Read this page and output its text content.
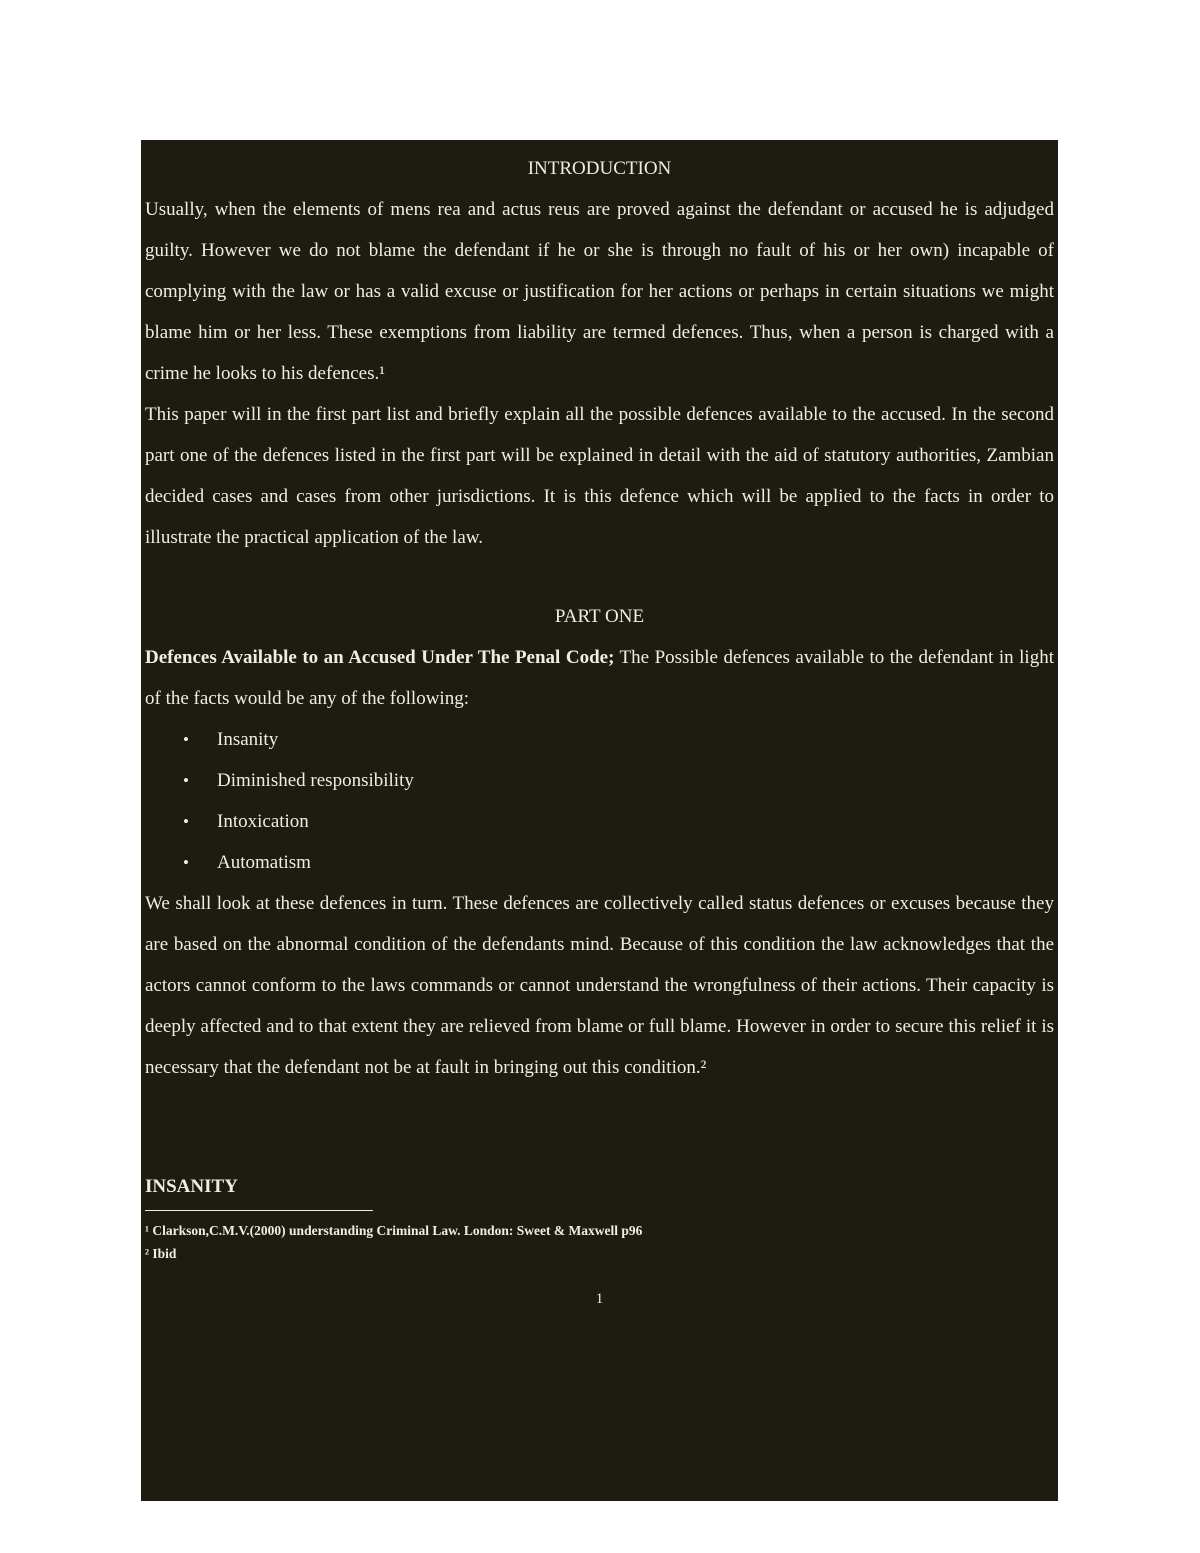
INTRODUCTION

Usually, when the elements of mens rea and actus reus are proved against the defendant or accused he is adjudged guilty. However we do not blame the defendant if he or she is through no fault of his or her own) incapable of complying with the law or has a valid excuse or justification for her actions or perhaps in certain situations we might blame him or her less. These exemptions from liability are termed defences. Thus, when a person is charged with a crime he looks to his defences.¹

This paper will in the first part list and briefly explain all the possible defences available to the accused. In the second part one of the defences listed in the first part will be explained in detail with the aid of statutory authorities, Zambian decided cases and cases from other jurisdictions. It is this defence which will be applied to the facts in order to illustrate the practical application of the law.

PART ONE

Defences Available to an Accused Under The Penal Code; The Possible defences available to the defendant in light of the facts would be any of the following:

• Insanity
• Diminished responsibility
• Intoxication
• Automatism

We shall look at these defences in turn. These defences are collectively called status defences or excuses because they are based on the abnormal condition of the defendants mind. Because of this condition the law acknowledges that the actors cannot conform to the laws commands or cannot understand the wrongfulness of their actions. Their capacity is deeply affected and to that extent they are relieved from blame or full blame. However in order to secure this relief it is necessary that the defendant not be at fault in bringing out this condition.²

INSANITY

¹ Clarkson,C.M.V.(2000) understanding Criminal Law. London: Sweet & Maxwell p96

² Ibid

1
